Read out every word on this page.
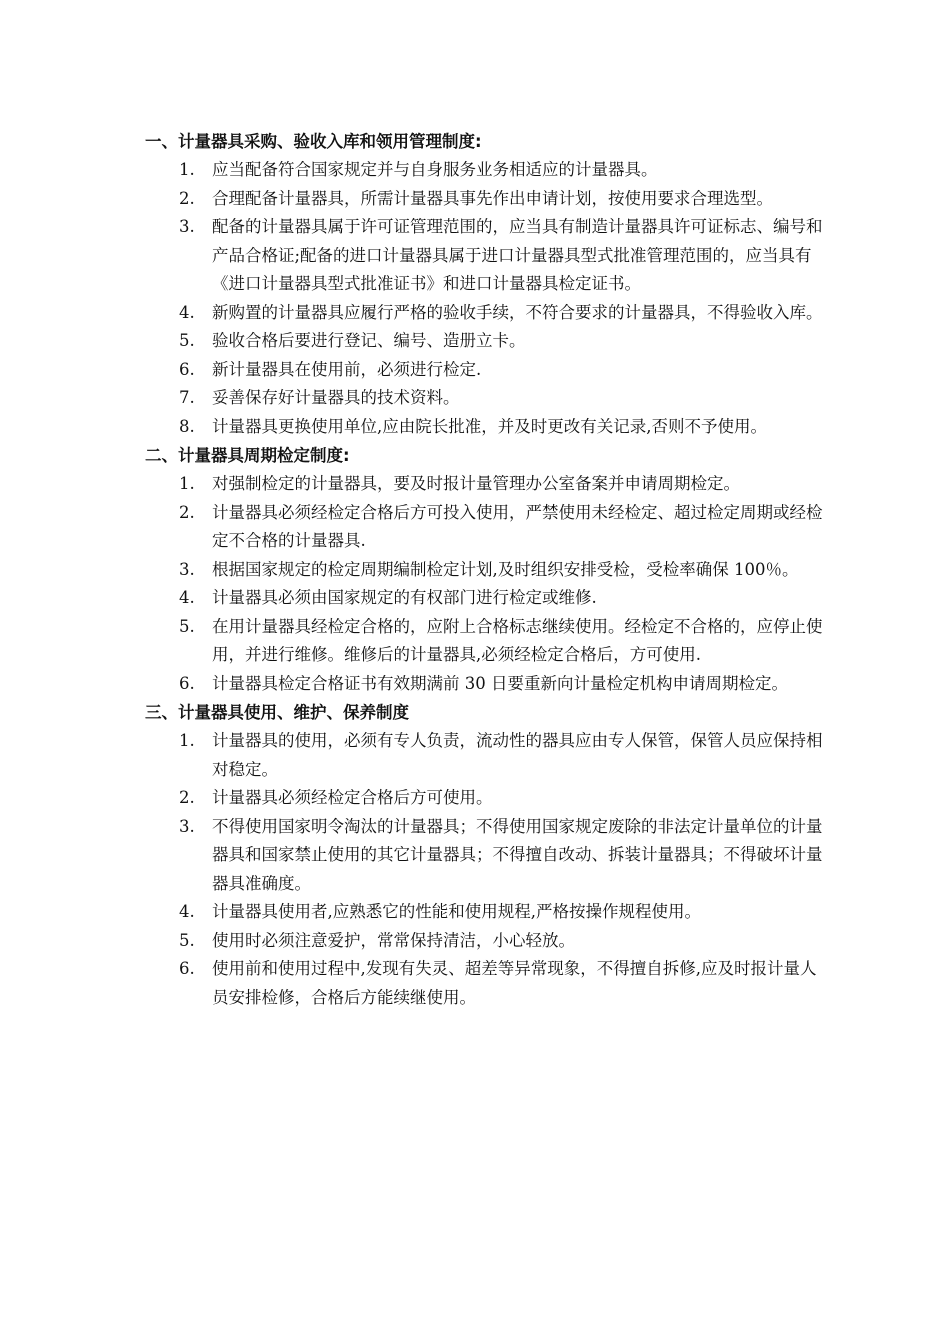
一、计量器具采购、验收入库和领用管理制度:
1.	应当配备符合国家规定并与自身服务业务相适应的计量器具。
2.	合理配备计量器具，所需计量器具事先作出申请计划，按使用要求合理选型。
3.	配备的计量器具属于许可证管理范围的，应当具有制造计量器具许可证标志、编号和产品合格证;配备的进口计量器具属于进口计量器具型式批准管理范围的，应当具有《进口计量器具型式批准证书》和进口计量器具检定证书。
4.	新购置的计量器具应履行严格的验收手续，不符合要求的计量器具，不得验收入库。
5.	验收合格后要进行登记、编号、造册立卡。
6.	新计量器具在使用前，必须进行检定.
7.	妥善保存好计量器具的技术资料。
8.	计量器具更换使用单位,应由院长批准，并及时更改有关记录,否则不予使用。
二、计量器具周期检定制度:
1.	对强制检定的计量器具，要及时报计量管理办公室备案并申请周期检定。
2.	计量器具必须经检定合格后方可投入使用，严禁使用未经检定、超过检定周期或经检定不合格的计量器具.
3.	根据国家规定的检定周期编制检定计划,及时组织安排受检，受检率确保 100％。
4.	计量器具必须由国家规定的有权部门进行检定或维修.
5.	在用计量器具经检定合格的，应附上合格标志继续使用。经检定不合格的，应停止使用，并进行维修。维修后的计量器具,必须经检定合格后，方可使用.
6.	计量器具检定合格证书有效期满前 30 日要重新向计量检定机构申请周期检定。
三、计量器具使用、维护、保养制度
1.	计量器具的使用，必须有专人负责，流动性的器具应由专人保管，保管人员应保持相对稳定。
2.	计量器具必须经检定合格后方可使用。
3.	不得使用国家明令淘汰的计量器具；不得使用国家规定废除的非法定计量单位的计量器具和国家禁止使用的其它计量器具；不得擅自改动、拆装计量器具；不得破坏计量器具准确度。
4.	计量器具使用者,应熟悉它的性能和使用规程,严格按操作规程使用。
5.	使用时必须注意爱护，常常保持清洁，小心轻放。
6.	使用前和使用过程中,发现有失灵、超差等异常现象，不得擅自拆修,应及时报计量人员安排检修，合格后方能续继使用。
